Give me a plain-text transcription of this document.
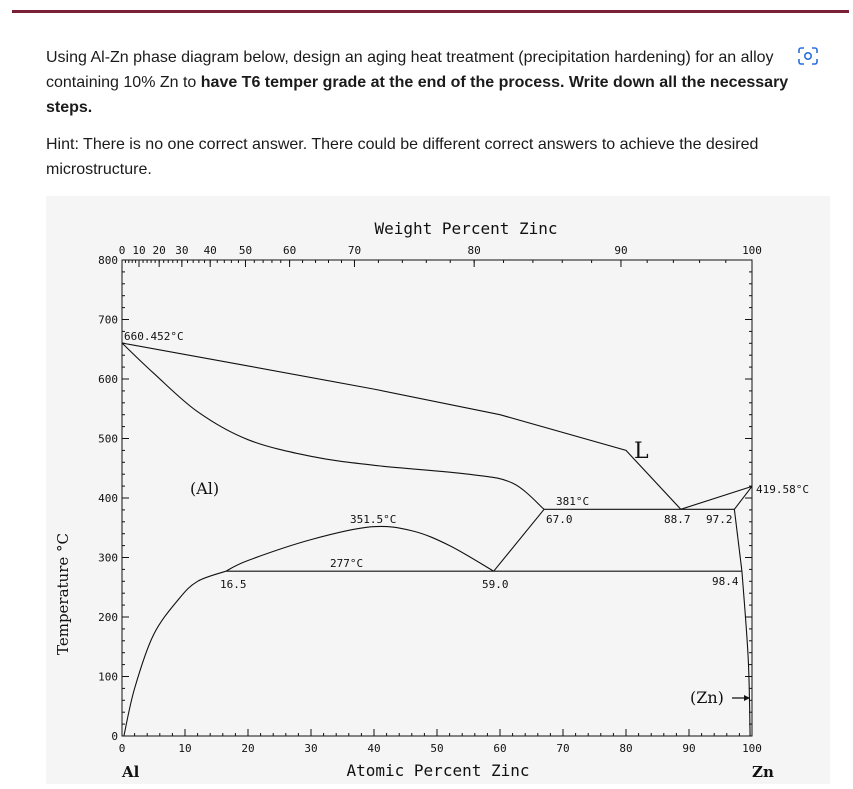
Using Al-Zn phase diagram below, design an aging heat treatment (precipitation hardening) for an alloy containing 10% Zn to have T6 temper grade at the end of the process. Write down all the necessary steps.

Hint: There is no one correct answer. There could be different correct answers to achieve the desired microstructure.

0	10	20	30	40	50	60	70	80	90	100
0 10 20 30 40 50	60	70	80	90	100
0
100
200
300
400
500
600
700
800
Weight Percent Zinc
Atomic Percent Zinc
Temperature °C
Al	Zn
660.452°C
419.58°C
351.5°C
277°C
381°C
16.5	59.0
67.0	88.7 97.2
98.4
L
(Al)
(Zn)
